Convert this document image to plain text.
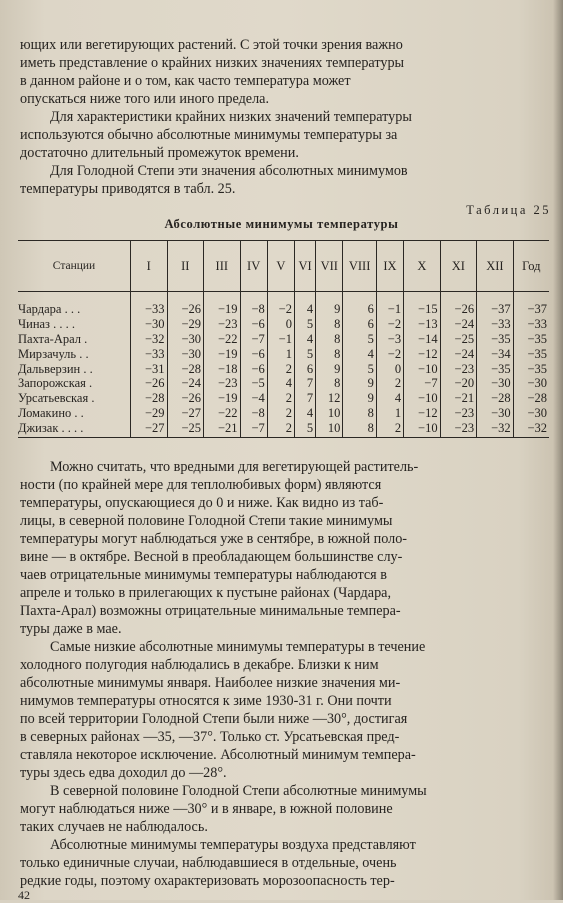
ющих или вегетирующих растений. С этой точки зрения важно
иметь представление о крайних низких значениях температуры
в данном районе и о том, как часто температура может
опускаться ниже того или иного предела.
Для характеристики крайних низких значений температуры
используются обычно абсолютные минимумы температуры за
достаточно длительный промежуток времени.
Для Голодной Степи эти значения абсолютных минимумов
температуры приводятся в табл. 25.
Таблица 25
Абсолютные минимумы температуры
Станции	I	II	III	IV	V	VI	VII	VIII	IX	X	XI	XII	Год

Чардара . . .	−33	−26	−19	−8	−2	4	9	6	−1	−15	−26	−37	−37
Чиназ . . . .	−30	−29	−23	−6	0	5	8	6	−2	−13	−24	−33	−33
Пахта-Арал .	−32	−30	−22	−7	−1	4	8	5	−3	−14	−25	−35	−35
Мирзачуль . .	−33	−30	−19	−6	1	5	8	4	−2	−12	−24	−34	−35
Дальверзин . .	−31	−28	−18	−6	2	6	9	5	0	−10	−23	−35	−35
Запорожская .	−26	−24	−23	−5	4	7	8	9	2	−7	−20	−30	−30
Урсатьевская .	−28	−26	−19	−4	2	7	12	9	4	−10	−21	−28	−28
Ломакино . .	−29	−27	−22	−8	2	4	10	8	1	−12	−23	−30	−30
Джизак . . . .	−27	−25	−21	−7	2	5	10	8	2	−10	−23	−32	−32
Можно считать, что вредными для вегетирующей раститель-
ности (по крайней мере для теплолюбивых форм) являются
температуры, опускающиеся до 0 и ниже. Как видно из таб-
лицы, в северной половине Голодной Степи такие минимумы
температуры могут наблюдаться уже в сентябре, в южной поло-
вине — в октябре. Весной в преобладающем большинстве слу-
чаев отрицательные минимумы температуры наблюдаются в
апреле и только в прилегающих к пустыне районах (Чардара,
Пахта-Арал) возможны отрицательные минимальные темпера-
туры даже в мае.
Самые низкие абсолютные минимумы температуры в течение
холодного полугодия наблюдались в декабре. Близки к ним
абсолютные минимумы января. Наиболее низкие значения ми-
нимумов температуры относятся к зиме 1930-31 г. Они почти
по всей территории Голодной Степи были ниже —30°, достигая
в северных районах —35, —37°. Только ст. Урсатьевская пред-
ставляла некоторое исключение. Абсолютный минимум темпера-
туры здесь едва доходил до —28°.
В северной половине Голодной Степи абсолютные минимумы
могут наблюдаться ниже —30° и в январе, в южной половине
таких случаев не наблюдалось.
Абсолютные минимумы температуры воздуха представляют
только единичные случаи, наблюдавшиеся в отдельные, очень
редкие годы, поэтому охарактеризовать морозоопасность тер-
42
